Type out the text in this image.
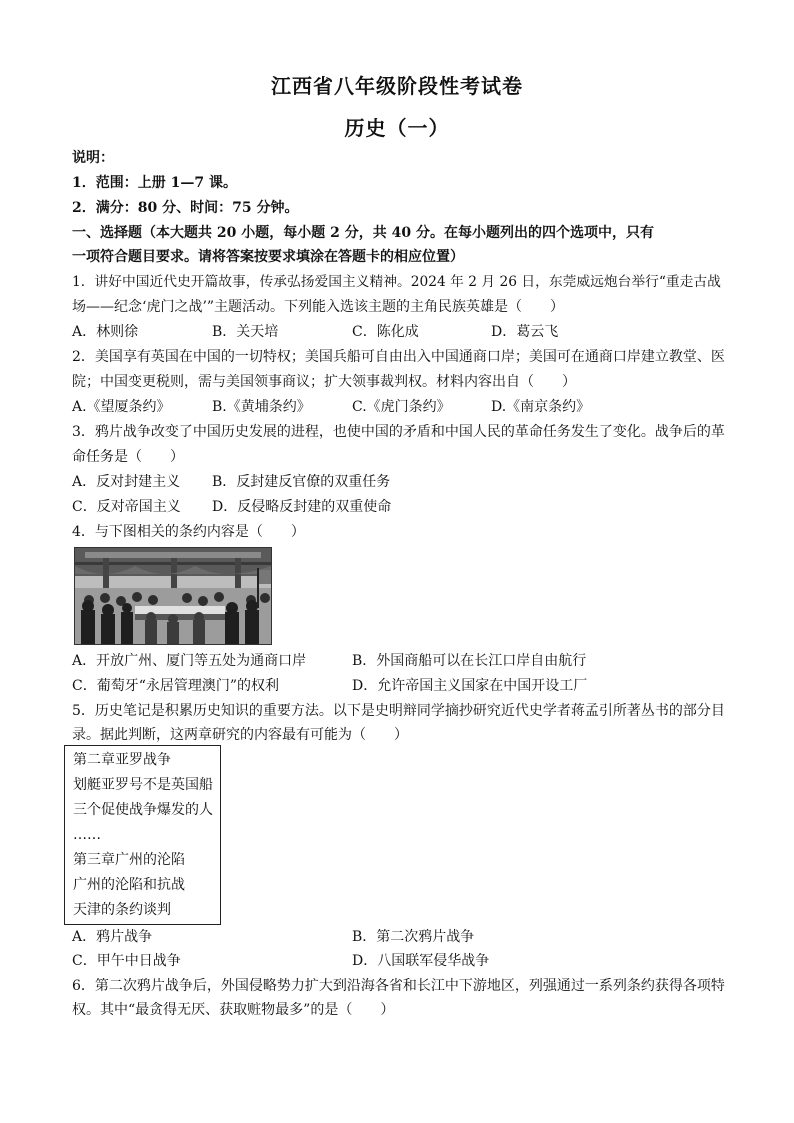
江西省八年级阶段性考试卷
历史（一）
说明：
1．范围：上册 1—7 课。
2．满分：80 分、时间：75 分钟。
一、选择题（本大题共 20 小题，每小题 2 分，共 40 分。在每小题列出的四个选项中，只有
一项符合题目要求。请将答案按要求填涂在答题卡的相应位置）
1．讲好中国近代史开篇故事，传承弘扬爱国主义精神。2024 年 2 月 26 日，东莞威远炮台举行“重走古战
场——纪念‘虎门之战’”主题活动。下列能入选该主题的主角民族英雄是（　　）
A．林则徐	B．关天培	C．陈化成	D．葛云飞
2．美国享有英国在中国的一切特权；美国兵船可自由出入中国通商口岸；美国可在通商口岸建立教堂、医
院；中国变更税则，需与美国领事商议；扩大领事裁判权。材料内容出自（　　）
A.《望厦条约》	B.《黄埔条约》	C.《虎门条约》	D.《南京条约》
3．鸦片战争改变了中国历史发展的进程，也使中国的矛盾和中国人民的革命任务发生了变化。战争后的革
命任务是（　　）
A．反对封建主义 B．反封建反官僚的双重任务
C．反对帝国主义 D．反侵略反封建的双重使命
4．与下图相关的条约内容是（　　）
A．开放广州、厦门等五处为通商口岸	B．外国商船可以在长江口岸自由航行
C．葡萄牙“永居管理澳门”的权利	D．允许帝国主义国家在中国开设工厂
5．历史笔记是积累历史知识的重要方法。以下是史明辩同学摘抄研究近代史学者蒋孟引所著丛书的部分目
录。据此判断，这两章研究的内容最有可能为（　　）
第二章亚罗战争
划艇亚罗号不是英国船
三个促使战争爆发的人
……
第三章广州的沦陷
广州的沦陷和抗战
天津的条约谈判
A．鸦片战争	B．第二次鸦片战争
C．甲午中日战争	D．八国联军侵华战争
6．第二次鸦片战争后，外国侵略势力扩大到沿海各省和长江中下游地区，列强通过一系列条约获得各项特
权。其中“最贪得无厌、获取赃物最多”的是（　　）
